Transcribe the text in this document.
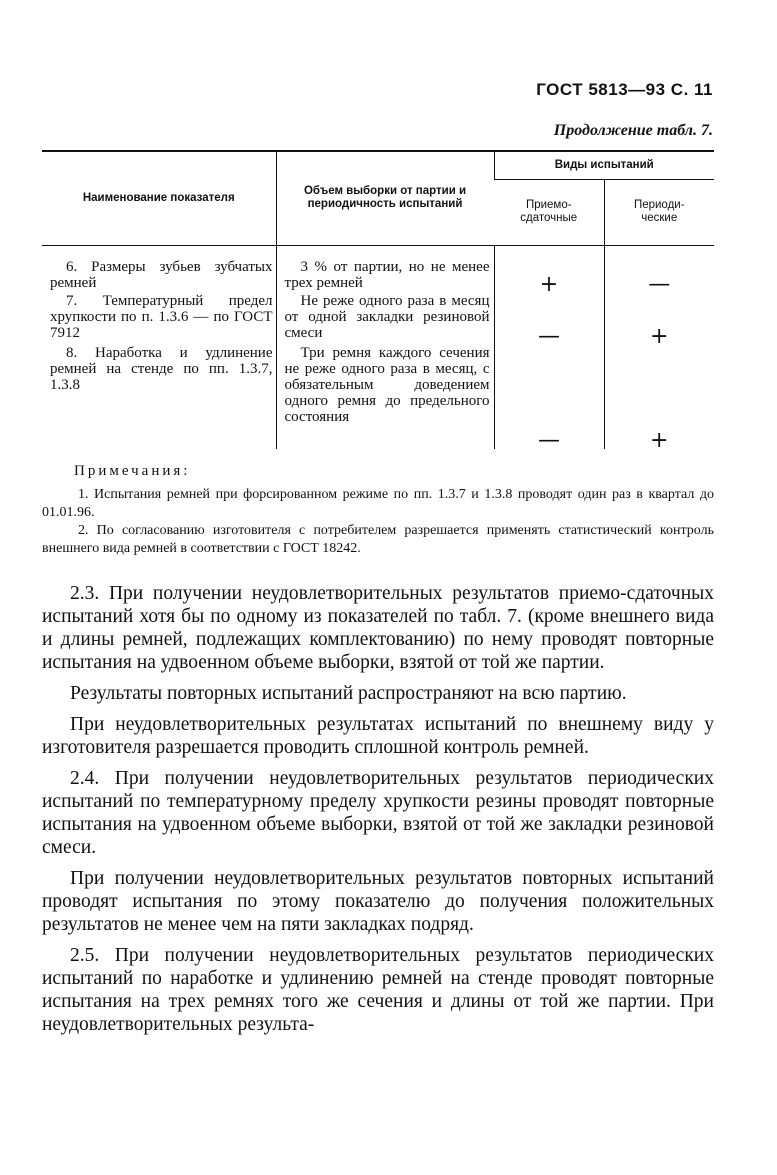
ГОСТ 5813—93 С. 11
Продолжение табл. 7.
Наименование показателя	Объем выборки от партии и периодичность испытаний	Виды испытаний	
		Приемо-сдаточные	Периоди-ческие

6. Размеры зубьев зубчатых ремней	3 % от партии, но не менее трех ремней	+	—

7. Температурный предел хрупкости по п. 1.3.6 — по ГОСТ 7912	Не реже одного раза в месяц от одной закладки резиновой смеси	—	+

8. Наработка и удлинение ремней на стенде по пп. 1.3.7, 1.3.8	Три ремня каждого сечения не реже одного раза в месяц, с обязательным доведением одного ремня до предельного состояния	—	+
Примечания:

1. Испытания ремней при форсированном режиме по пп. 1.3.7 и 1.3.8 проводят один раз в квартал до 01.01.96.

2. По согласованию изготовителя с потребителем разрешается применять статистический контроль внешнего вида ремней в соответствии с ГОСТ 18242.

2.3. При получении неудовлетворительных результатов приемо-сдаточных испытаний хотя бы по одному из показателей по табл. 7. (кроме внешнего вида и длины ремней, подлежащих комплектованию) по нему проводят повторные испытания на удвоенном объеме выборки, взятой от той же партии.

Результаты повторных испытаний распространяют на всю партию.

При неудовлетворительных результатах испытаний по внешнему виду у изготовителя разрешается проводить сплошной контроль ремней.

2.4. При получении неудовлетворительных результатов периодических испытаний по температурному пределу хрупкости резины проводят повторные испытания на удвоенном объеме выборки, взятой от той же закладки резиновой смеси.

При получении неудовлетворительных результатов повторных испытаний проводят испытания по этому показателю до получения положительных результатов не менее чем на пяти закладках подряд.

2.5. При получении неудовлетворительных результатов периодических испытаний по наработке и удлинению ремней на стенде проводят повторные испытания на трех ремнях того же сечения и длины от той же партии. При неудовлетворительных результа-
